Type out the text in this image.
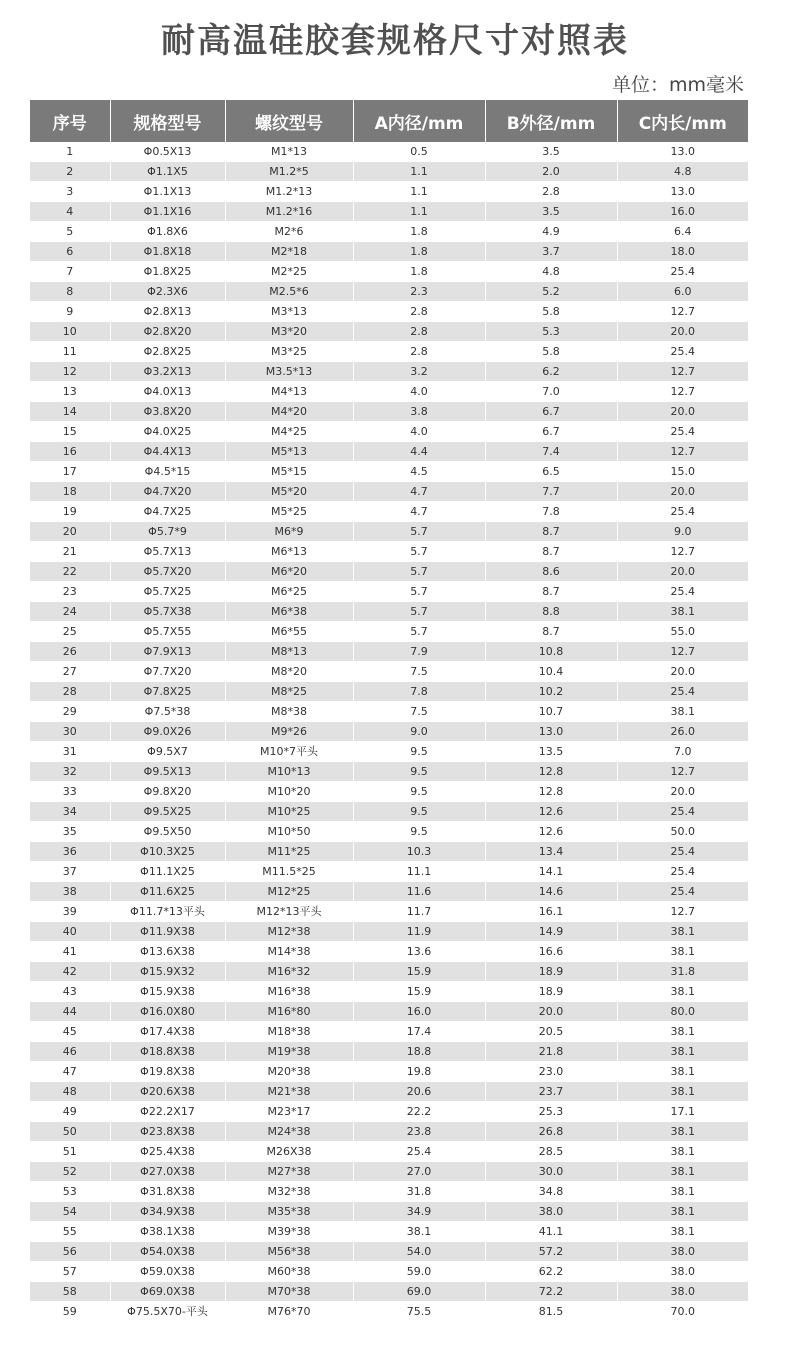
耐高温硅胶套规格尺寸对照表
单位：mm毫米
序号	规格型号	螺纹型号	A内径/mm	B外径/mm	C内长/mm
1	Φ0.5X13	M1*13	0.5	3.5	13.0
2	Φ1.1X5	M1.2*5	1.1	2.0	4.8
3	Φ1.1X13	M1.2*13	1.1	2.8	13.0
4	Φ1.1X16	M1.2*16	1.1	3.5	16.0
5	Φ1.8X6	M2*6	1.8	4.9	6.4
6	Φ1.8X18	M2*18	1.8	3.7	18.0
7	Φ1.8X25	M2*25	1.8	4.8	25.4
8	Φ2.3X6	M2.5*6	2.3	5.2	6.0
9	Φ2.8X13	M3*13	2.8	5.8	12.7
10	Φ2.8X20	M3*20	2.8	5.3	20.0
11	Φ2.8X25	M3*25	2.8	5.8	25.4
12	Φ3.2X13	M3.5*13	3.2	6.2	12.7
13	Φ4.0X13	M4*13	4.0	7.0	12.7
14	Φ3.8X20	M4*20	3.8	6.7	20.0
15	Φ4.0X25	M4*25	4.0	6.7	25.4
16	Φ4.4X13	M5*13	4.4	7.4	12.7
17	Φ4.5*15	M5*15	4.5	6.5	15.0
18	Φ4.7X20	M5*20	4.7	7.7	20.0
19	Φ4.7X25	M5*25	4.7	7.8	25.4
20	Φ5.7*9	M6*9	5.7	8.7	9.0
21	Φ5.7X13	M6*13	5.7	8.7	12.7
22	Φ5.7X20	M6*20	5.7	8.6	20.0
23	Φ5.7X25	M6*25	5.7	8.7	25.4
24	Φ5.7X38	M6*38	5.7	8.8	38.1
25	Φ5.7X55	M6*55	5.7	8.7	55.0
26	Φ7.9X13	M8*13	7.9	10.8	12.7
27	Φ7.7X20	M8*20	7.5	10.4	20.0
28	Φ7.8X25	M8*25	7.8	10.2	25.4
29	Φ7.5*38	M8*38	7.5	10.7	38.1
30	Φ9.0X26	M9*26	9.0	13.0	26.0
31	Φ9.5X7	M10*7平头	9.5	13.5	7.0
32	Φ9.5X13	M10*13	9.5	12.8	12.7
33	Φ9.8X20	M10*20	9.5	12.8	20.0
34	Φ9.5X25	M10*25	9.5	12.6	25.4
35	Φ9.5X50	M10*50	9.5	12.6	50.0
36	Φ10.3X25	M11*25	10.3	13.4	25.4
37	Φ11.1X25	M11.5*25	11.1	14.1	25.4
38	Φ11.6X25	M12*25	11.6	14.6	25.4
39	Φ11.7*13平头	M12*13平头	11.7	16.1	12.7
40	Φ11.9X38	M12*38	11.9	14.9	38.1
41	Φ13.6X38	M14*38	13.6	16.6	38.1
42	Φ15.9X32	M16*32	15.9	18.9	31.8
43	Φ15.9X38	M16*38	15.9	18.9	38.1
44	Φ16.0X80	M16*80	16.0	20.0	80.0
45	Φ17.4X38	M18*38	17.4	20.5	38.1
46	Φ18.8X38	M19*38	18.8	21.8	38.1
47	Φ19.8X38	M20*38	19.8	23.0	38.1
48	Φ20.6X38	M21*38	20.6	23.7	38.1
49	Φ22.2X17	M23*17	22.2	25.3	17.1
50	Φ23.8X38	M24*38	23.8	26.8	38.1
51	Φ25.4X38	M26X38	25.4	28.5	38.1
52	Φ27.0X38	M27*38	27.0	30.0	38.1
53	Φ31.8X38	M32*38	31.8	34.8	38.1
54	Φ34.9X38	M35*38	34.9	38.0	38.1
55	Φ38.1X38	M39*38	38.1	41.1	38.1
56	Φ54.0X38	M56*38	54.0	57.2	38.0
57	Φ59.0X38	M60*38	59.0	62.2	38.0
58	Φ69.0X38	M70*38	69.0	72.2	38.0
59	Φ75.5X70-平头	M76*70	75.5	81.5	70.0
